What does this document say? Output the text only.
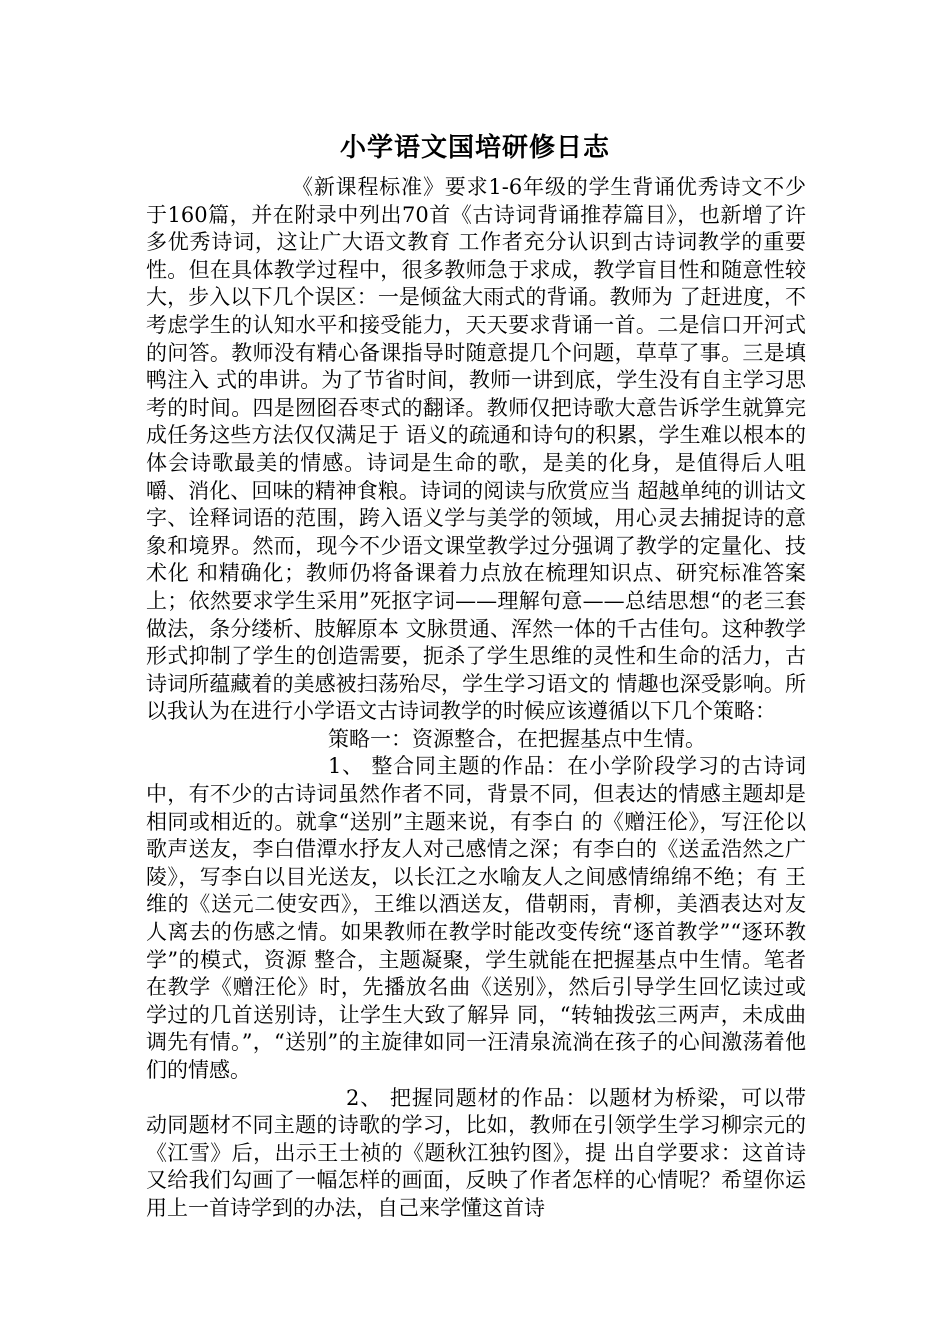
小学语文国培研修日志

《新课程标准》要求1-6年级的学生背诵优秀诗文不少于160篇，并在附录中列出70首《古诗词背诵推荐篇目》，也新增了许多优秀诗词，这让广大语文教育 工作者充分认识到古诗词教学的重要性。但在具体教学过程中，很多教师急于求成，教学盲目性和随意性较大，步入以下几个误区：一是倾盆大雨式的背诵。教师为 了赶进度，不考虑学生的认知水平和接受能力，天天要求背诵一首。二是信口开河式的问答。教师没有精心备课指导时随意提几个问题，草草了事。三是填鸭注入 式的串讲。为了节省时间，教师一讲到底，学生没有自主学习思考的时间。四是囫囵吞枣式的翻译。教师仅把诗歌大意告诉学生就算完成任务这些方法仅仅满足于 语义的疏通和诗句的积累，学生难以根本的体会诗歌最美的情感。诗词是生命的歌，是美的化身，是值得后人咀嚼、消化、回味的精神食粮。诗词的阅读与欣赏应当 超越单纯的训诂文字、诠释词语的范围，跨入语义学与美学的领域，用心灵去捕捉诗的意象和境界。然而，现今不少语文课堂教学过分强调了教学的定量化、技术化 和精确化；教师仍将备课着力点放在梳理知识点、研究标准答案上；依然要求学生采用”死抠字词——理解句意——总结思想“的老三套做法，条分缕析、肢解原本 文脉贯通、浑然一体的千古佳句。这种教学形式抑制了学生的创造需要，扼杀了学生思维的灵性和生命的活力，古诗词所蕴藏着的美感被扫荡殆尽，学生学习语文的 情趣也深受影响。所以我认为在进行小学语文古诗词教学的时候应该遵循以下几个策略：

策略一：资源整合，在把握基点中生情。

1、 整合同主题的作品：在小学阶段学习的古诗词中，有不少的古诗词虽然作者不同，背景不同，但表达的情感主题却是相同或相近的。就拿“送别”主题来说，有李白 的《赠汪伦》，写汪伦以歌声送友，李白借潭水抒友人对己感情之深；有李白的《送孟浩然之广陵》，写李白以目光送友，以长江之水喻友人之间感情绵绵不绝；有 王维的《送元二使安西》，王维以酒送友，借朝雨，青柳，美酒表达对友人离去的伤感之情。如果教师在教学时能改变传统“逐首教学”“逐环教学”的模式，资源 整合，主题凝聚，学生就能在把握基点中生情。笔者在教学《赠汪伦》时，先播放名曲《送别》，然后引导学生回忆读过或学过的几首送别诗，让学生大致了解异 同，“转轴拨弦三两声，未成曲调先有情。”，“送别”的主旋律如同一汪清泉流淌在孩子的心间激荡着他们的情感。

2、 把握同题材的作品：以题材为桥梁，可以带动同题材不同主题的诗歌的学习，比如，教师在引领学生学习柳宗元的《江雪》后，出示王士祯的《题秋江独钓图》，提 出自学要求：这首诗又给我们勾画了一幅怎样的画面，反映了作者怎样的心情呢？希望你运用上一首诗学到的办法，自己来学懂这首诗
